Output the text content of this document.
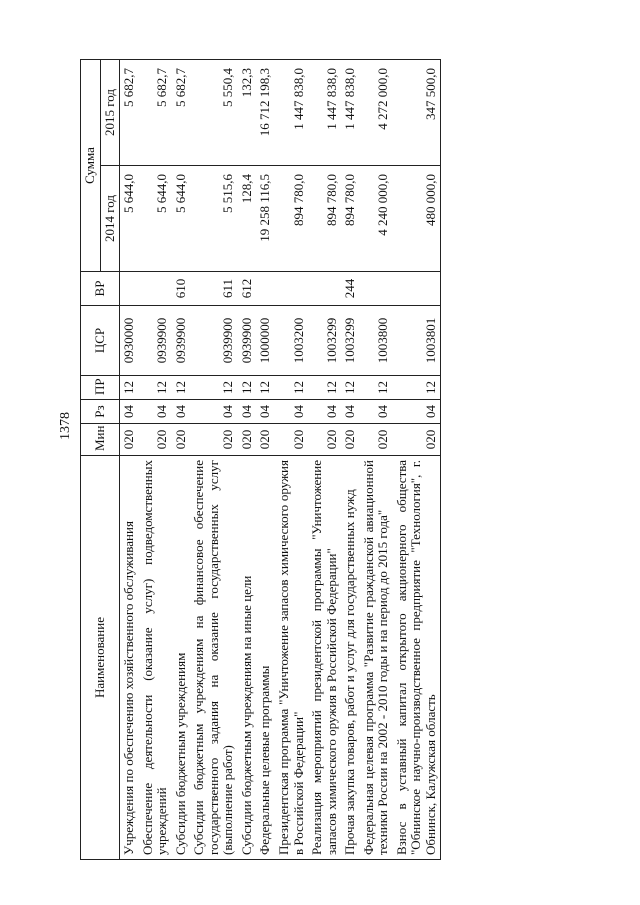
1378
Наименование	Мин	Рз	ПР	ЦСР	ВР	Сумма	
						2014 год	2015 год
Учреждения по обеспечению хозяйственного обслуживания	020	04	12	0930000		5 644,0	5 682,7
Обеспечение деятельности (оказание услуг) подведомственных учреждений	020	04	12	0939900		5 644,0	5 682,7
Субсидии бюджетным учреждениям	020	04	12	0939900	610	5 644,0	5 682,7
Субсидии бюджетным учреждениям на финансовое обеспечение государственного задания на оказание государственных услуг (выполнение работ)	020	04	12	0939900	611	5 515,6	5 550,4
Субсидии бюджетным учреждениям на иные цели	020	04	12	0939900	612	128,4	132,3
Федеральные целевые программы	020	04	12	1000000		19 258 116,5	16 712 198,3
Президентская программа "Уничтожение запасов химического оружия в Российской Федерации"	020	04	12	1003200		894 780,0	1 447 838,0
Реализация мероприятий президентской программы "Уничтожение запасов химического оружия в Российской Федерации"	020	04	12	1003299		894 780,0	1 447 838,0
Прочая закупка товаров, работ и услуг для государственных нужд	020	04	12	1003299	244	894 780,0	1 447 838,0
Федеральная целевая программа "Развитие гражданской авиационной техники России на 2002 - 2010 годы и на период до 2015 года"	020	04	12	1003800		4 240 000,0	4 272 000,0
Взнос в уставный капитал открытого акционерного общества "Обнинское научно-производственное предприятие "Технология", г. Обнинск, Калужская область	020	04	12	1003801		480 000,0	347 500,0
